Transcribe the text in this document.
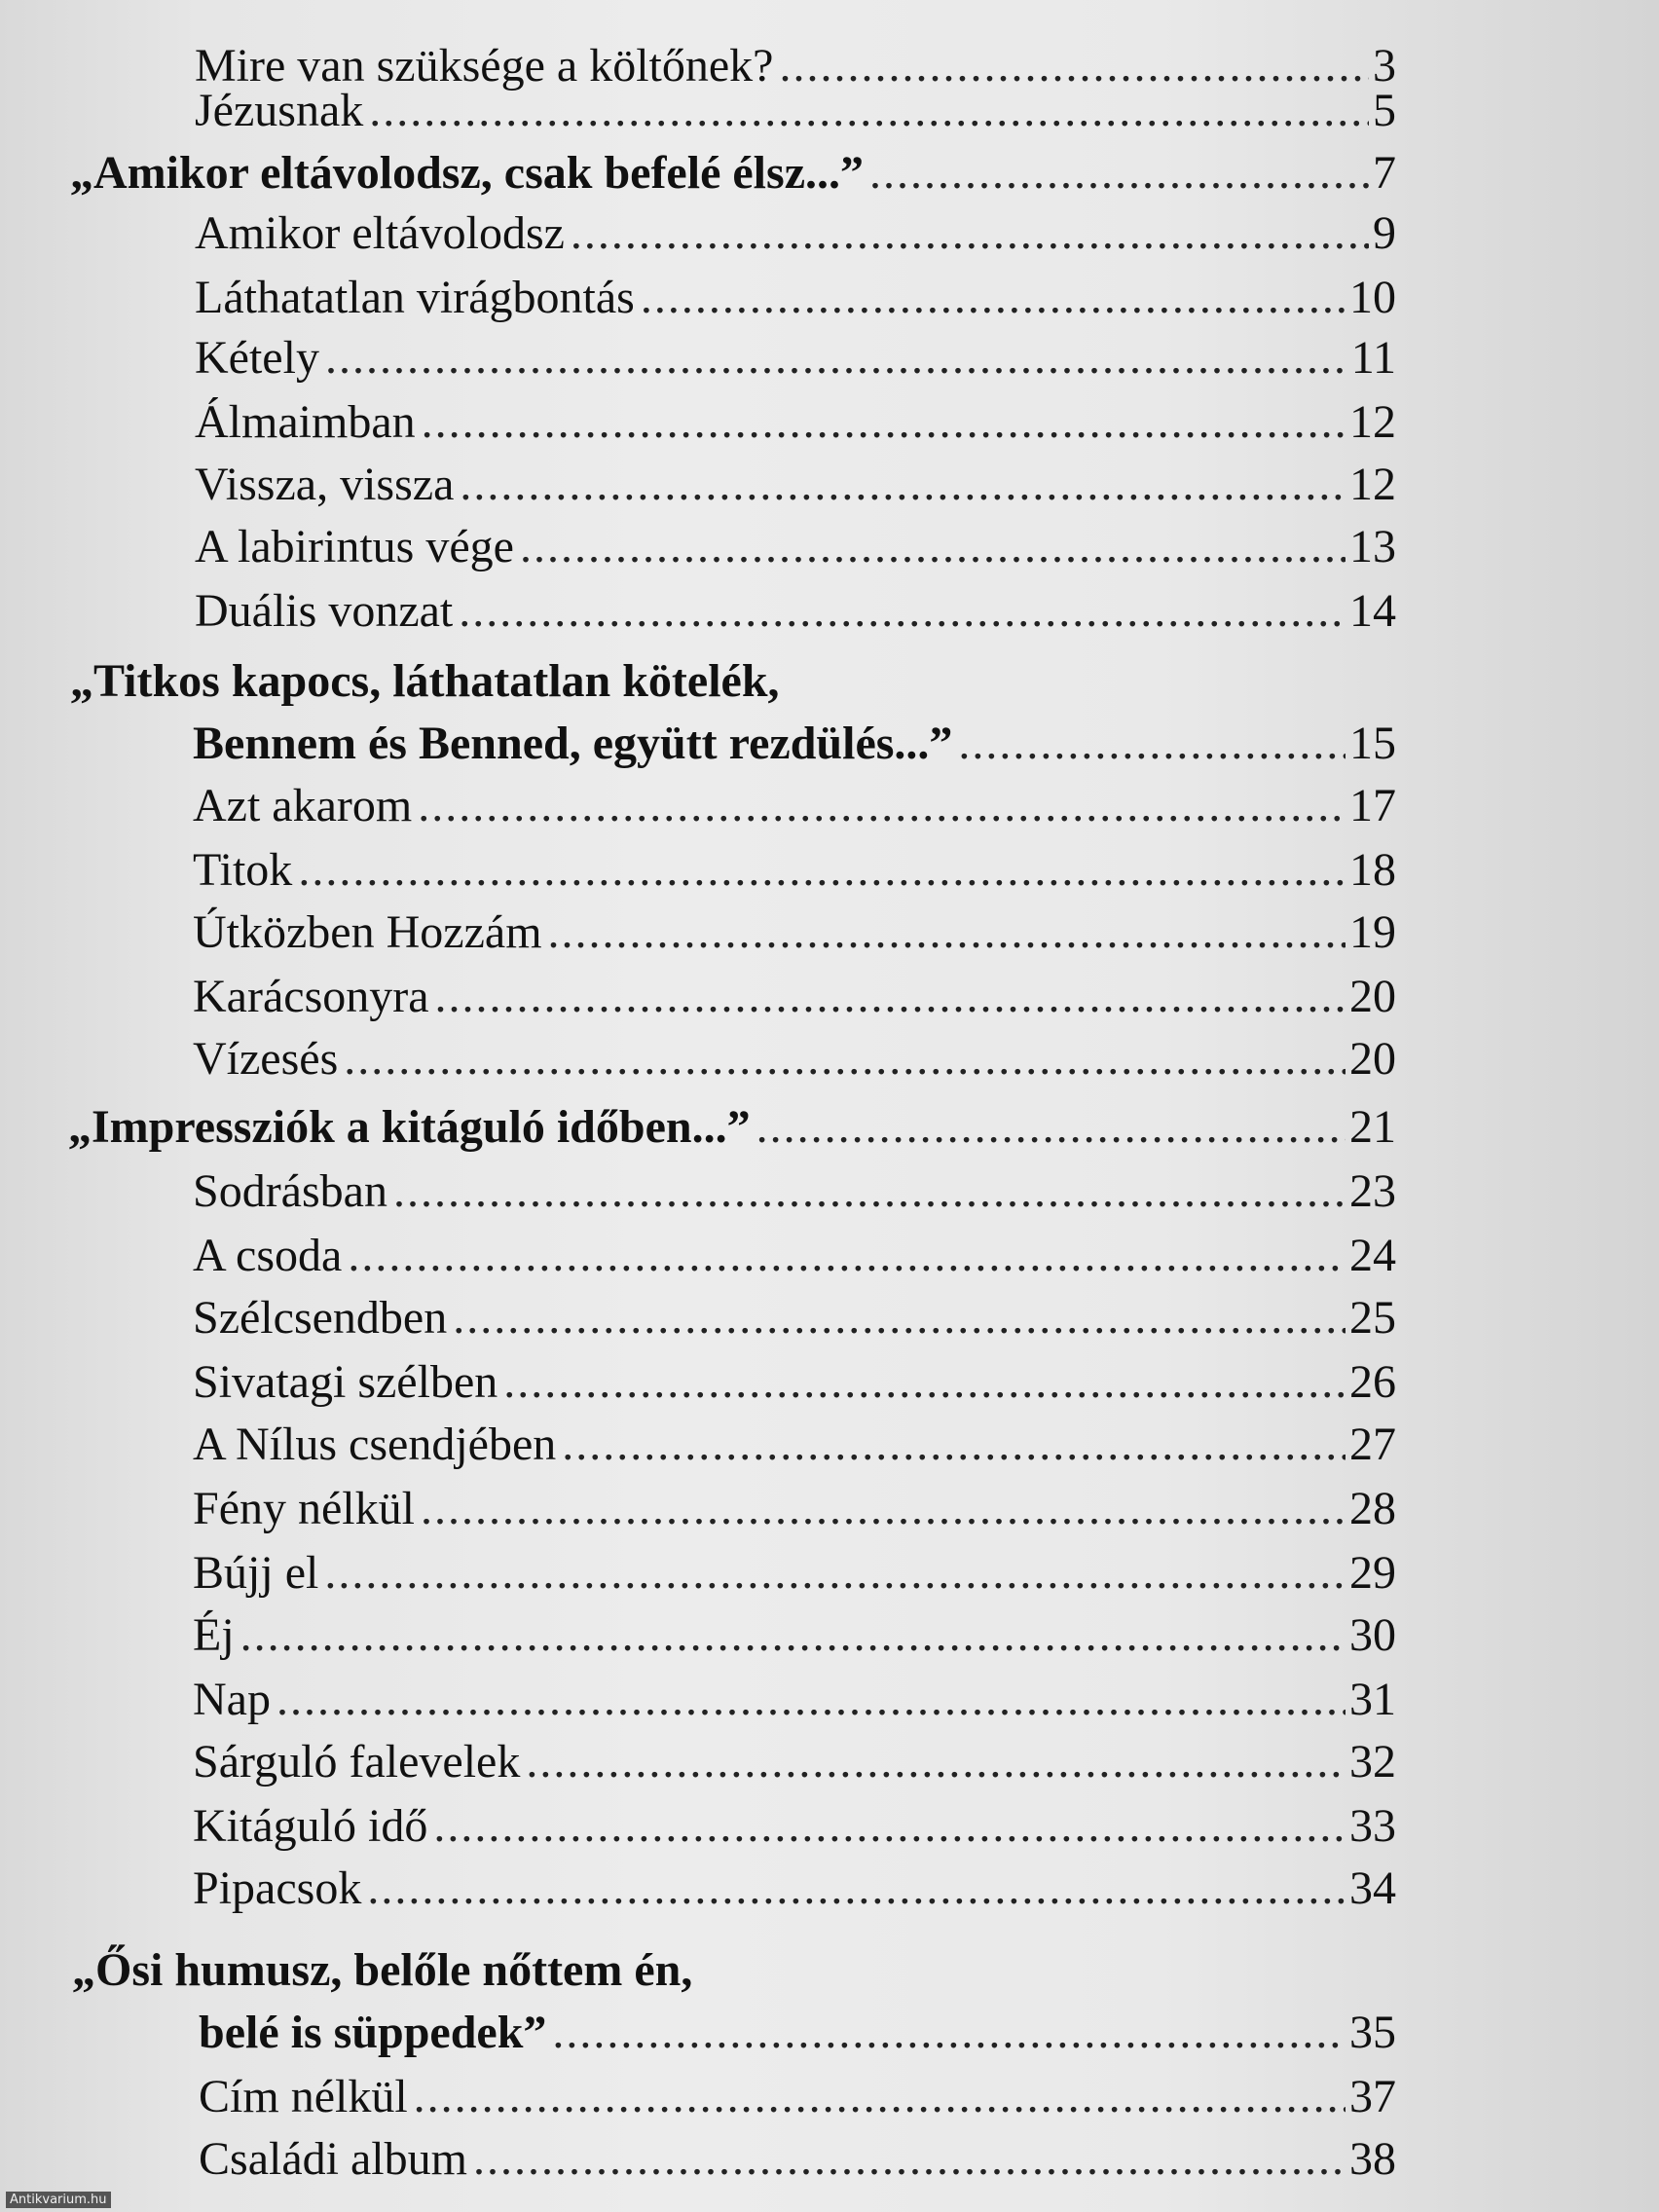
Mire van szüksége a költőnek? .....	3
Jézusnak .....	5
„Amikor eltávolodsz, csak befelé élsz...” .....	7
Amikor eltávolodsz .....	9
Láthatatlan virágbontás .....	10
Kétely .....	11
Álmaimban .....	12
Vissza, vissza .....	12
A labirintus vége .....	13
Duális vonzat .....	14
„Titkos kapocs, láthatatlan kötelék,
Bennem és Benned, együtt rezdülés...” .....	15
Azt akarom .....	17
Titok .....	18
Útközben Hozzám .....	19
Karácsonyra .....	20
Vízesés .....	20
„Impressziók a kitáguló időben...” .....	21
Sodrásban .....	23
A csoda .....	24
Szélcsendben .....	25
Sivatagi szélben .....	26
A Nílus csendjében .....	27
Fény nélkül .....	28
Bújj el .....	29
Éj .....	30
Nap .....	31
Sárguló falevelek .....	32
Kitáguló idő .....	33
Pipacsok .....	34
„Ősi humusz, belőle nőttem én,
belé is süppedek” .....	35
Cím nélkül .....	37
Családi album .....	38
Antikvarium.hu
